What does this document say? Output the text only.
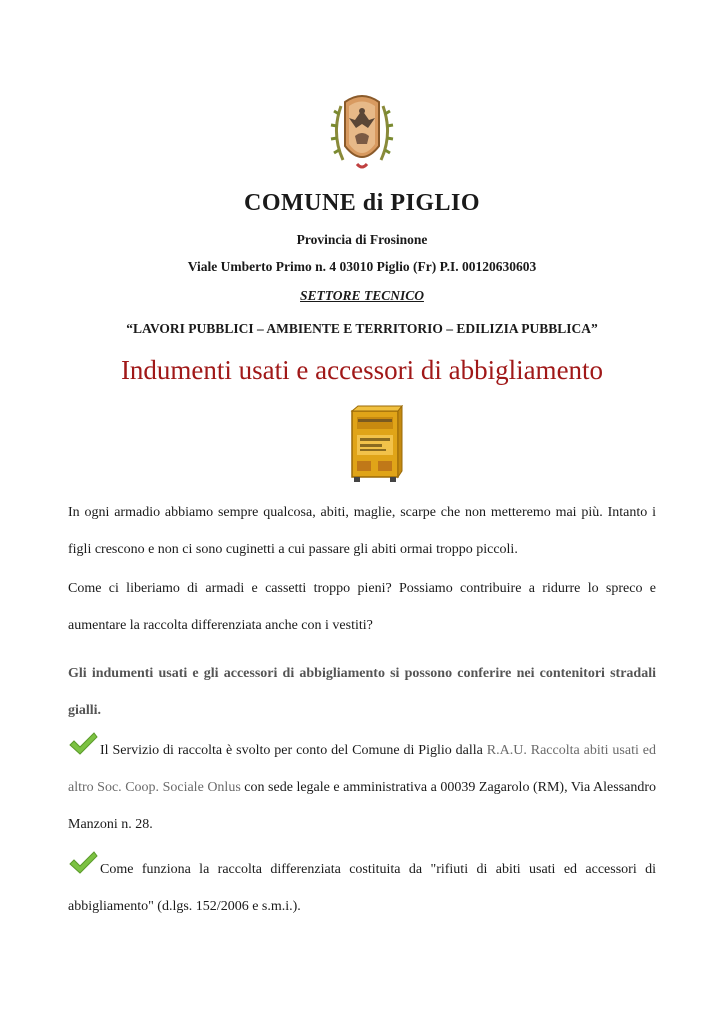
COMUNE di PIGLIO
Provincia di Frosinone
Viale Umberto Primo n. 4 03010 Piglio (Fr) P.I. 00120630603
SETTORE TECNICO
“LAVORI PUBBLICI – AMBIENTE E TERRITORIO – EDILIZIA PUBBLICA”
Indumenti usati e accessori di abbigliamento
In ogni armadio abbiamo sempre qualcosa, abiti, maglie, scarpe che non metteremo mai più. Intanto i figli crescono e non ci sono cuginetti a cui passare gli abiti ormai troppo piccoli.
Come ci liberiamo di armadi e cassetti troppo pieni? Possiamo contribuire a ridurre lo spreco e aumentare la raccolta differenziata anche con i vestiti?
Gli indumenti usati e gli accessori di abbigliamento si possono conferire nei contenitori stradali gialli.
Il Servizio di raccolta è svolto per conto del Comune di Piglio dalla R.A.U. Raccolta abiti usati ed altro Soc. Coop. Sociale Onlus con sede legale e amministrativa a 00039 Zagarolo (RM), Via Alessandro Manzoni n. 28.
Come funziona la raccolta differenziata costituita da "rifiuti di abiti usati ed accessori di abbigliamento" (d.lgs. 152/2006 e s.m.i.).
